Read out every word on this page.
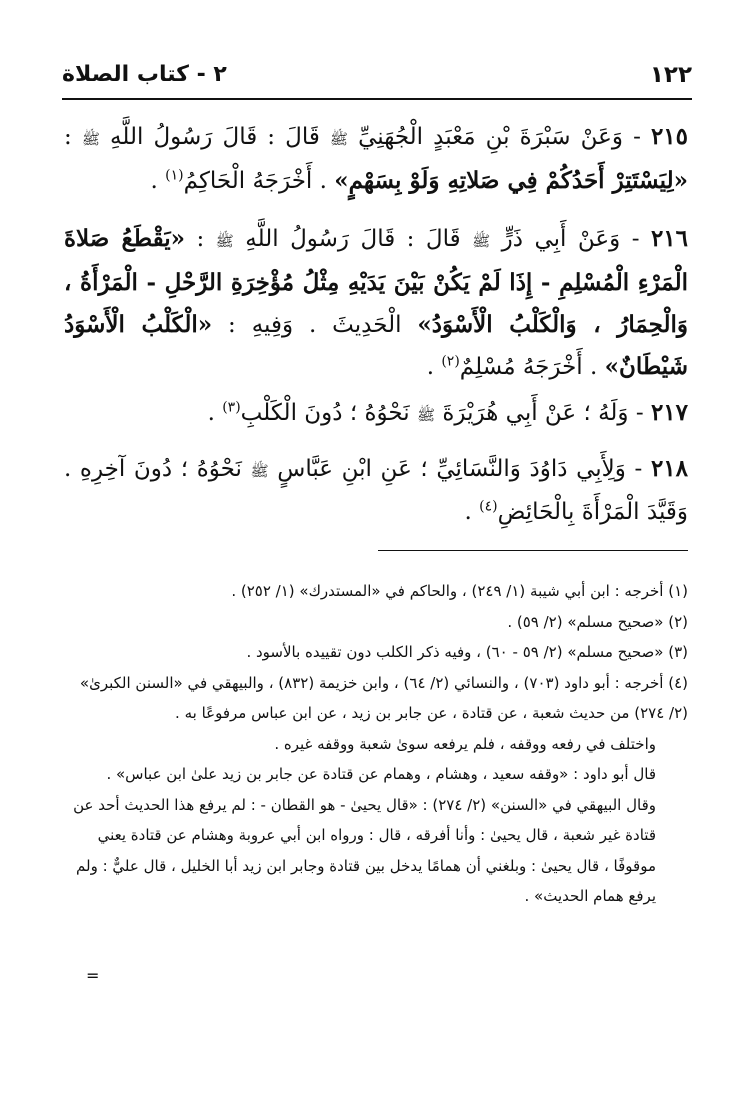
١٢٢
٢ - كتاب الصلاة
٢١٥ - وَعَنْ سَبْرَةَ بْنِ مَعْبَدٍ الْجُهَنِيِّ ﷺ قَالَ : قَالَ رَسُولُ اللَّهِ ﷺ : «لِيَسْتَتِرْ أَحَدُكُمْ فِي صَلاتِهِ وَلَوْ بِسَهْمٍ» . أَخْرَجَهُ الْحَاكِمُ$^{(١)}$ .
٢١٦ - وَعَنْ أَبِي ذَرٍّ ﷺ قَالَ : قَالَ رَسُولُ اللَّهِ ﷺ : «يَقْطَعُ صَلاةَ الْمَرْءِ الْمُسْلِمِ - إِذَا لَمْ يَكُنْ بَيْنَ يَدَيْهِ مِثْلُ مُؤْخِرَةِ الرَّحْلِ - الْمَرْأَةُ ، وَالْحِمَارُ ، وَالْكَلْبُ الْأَسْوَدُ» الْحَدِيثَ . وَفِيهِ : «الْكَلْبُ الْأَسْوَدُ شَيْطَانٌ» . أَخْرَجَهُ مُسْلِمٌ$^{(٢)}$ .
٢١٧ - وَلَهُ ؛ عَنْ أَبِي هُرَيْرَةَ ﷺ نَحْوُهُ ؛ دُونَ الْكَلْبِ$^{(٣)}$ .
٢١٨ - وَلِأَبِي دَاوُدَ وَالنَّسَائِيِّ ؛ عَنِ ابْنِ عَبَّاسٍ ﷺ نَحْوُهُ ؛ دُونَ آخِرِهِ . وَقَيَّدَ الْمَرْأَةَ بِالْحَائِضِ$^{(٤)}$ .

(١) أخرجه : ابن أبي شيبة (١/ ٢٤٩) ، والحاكم في «المستدرك» (١/ ٢٥٢) .

(٢) «صحيح مسلم» (٢/ ٥٩) .

(٣) «صحيح مسلم» (٢/ ٥٩ - ٦٠) ، وفيه ذكر الكلب دون تقييده بالأسود .

(٤) أخرجه : أبو داود (٧٠٣) ، والنسائي (٢/ ٦٤) ، وابن خزيمة (٨٣٢) ، والبيهقي في «السنن الكبرىٰ» (٢/ ٢٧٤) من حديث شعبة ، عن قتادة ، عن جابر بن زيد ، عن ابن عباس مرفوعًا به .

واختلف في رفعه ووقفه ، فلم يرفعه سوىٰ شعبة ووقفه غيره .

قال أبو داود : «وقفه سعيد ، وهشام ، وهمام عن قتادة عن جابر بن زيد علىٰ ابن عباس» .

وقال البيهقي في «السنن» (٢/ ٢٧٤) : «قال يحيىٰ - هو القطان - : لم يرفع هذا الحديث أحد عن قتادة غير شعبة ، قال يحيىٰ : وأنا أفرقه ، قال : ورواه ابن أبي عروبة وهشام عن قتادة يعني موقوفًا ، قال يحيىٰ : وبلغني أن همامًا يدخل بين قتادة وجابر ابن زيد أبا الخليل ، قال عليٌّ : ولم يرفع همام الحديث» .

=
